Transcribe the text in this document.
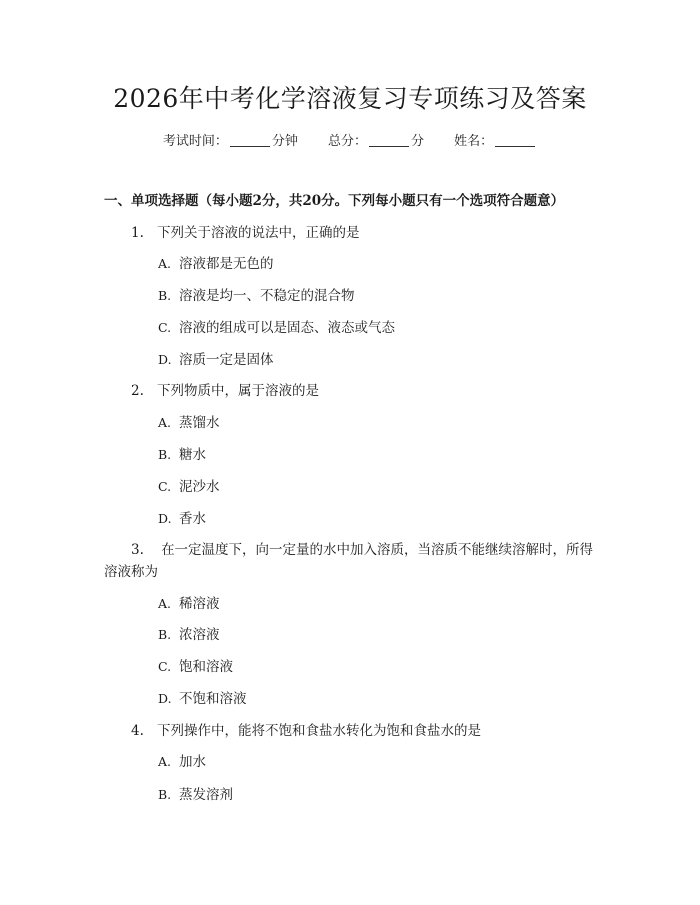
2026年中考化学溶液复习专项练习及答案
考试时间：	分钟 总分：	分 姓名：
一、单项选择题（每小题2分，共20分。下列每小题只有一个选项符合题意）
1. 下列关于溶液的说法中，正确的是
A. 溶液都是无色的
B. 溶液是均一、不稳定的混合物
C. 溶液的组成可以是固态、液态或气态
D. 溶质一定是固体
2. 下列物质中，属于溶液的是
A. 蒸馏水
B. 糖水
C. 泥沙水
D. 香水
3. 在一定温度下，向一定量的水中加入溶质，当溶质不能继续溶解时，所得溶液称为
A. 稀溶液
B. 浓溶液
C. 饱和溶液
D. 不饱和溶液
4. 下列操作中，能将不饱和食盐水转化为饱和食盐水的是
A. 加水
B. 蒸发溶剂
